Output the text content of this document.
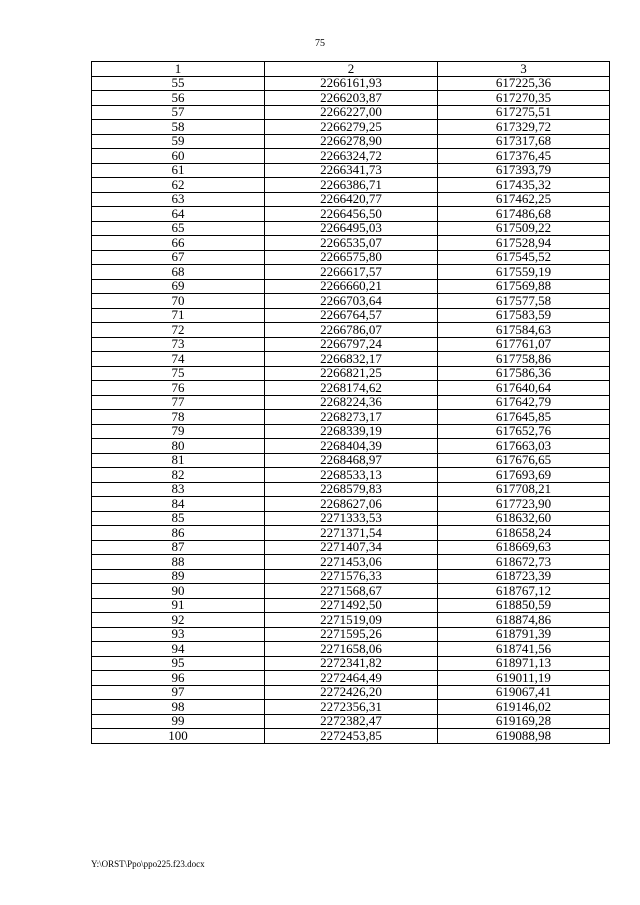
75
1	2	3
55	2266161,93	617225,36
56	2266203,87	617270,35
57	2266227,00	617275,51
58	2266279,25	617329,72
59	2266278,90	617317,68
60	2266324,72	617376,45
61	2266341,73	617393,79
62	2266386,71	617435,32
63	2266420,77	617462,25
64	2266456,50	617486,68
65	2266495,03	617509,22
66	2266535,07	617528,94
67	2266575,80	617545,52
68	2266617,57	617559,19
69	2266660,21	617569,88
70	2266703,64	617577,58
71	2266764,57	617583,59
72	2266786,07	617584,63
73	2266797,24	617761,07
74	2266832,17	617758,86
75	2266821,25	617586,36
76	2268174,62	617640,64
77	2268224,36	617642,79
78	2268273,17	617645,85
79	2268339,19	617652,76
80	2268404,39	617663,03
81	2268468,97	617676,65
82	2268533,13	617693,69
83	2268579,83	617708,21
84	2268627,06	617723,90
85	2271333,53	618632,60
86	2271371,54	618658,24
87	2271407,34	618669,63
88	2271453,06	618672,73
89	2271576,33	618723,39
90	2271568,67	618767,12
91	2271492,50	618850,59
92	2271519,09	618874,86
93	2271595,26	618791,39
94	2271658,06	618741,56
95	2272341,82	618971,13
96	2272464,49	619011,19
97	2272426,20	619067,41
98	2272356,31	619146,02
99	2272382,47	619169,28
100	2272453,85	619088,98
Y:\ORST\Ppo\ppo225.f23.docx
